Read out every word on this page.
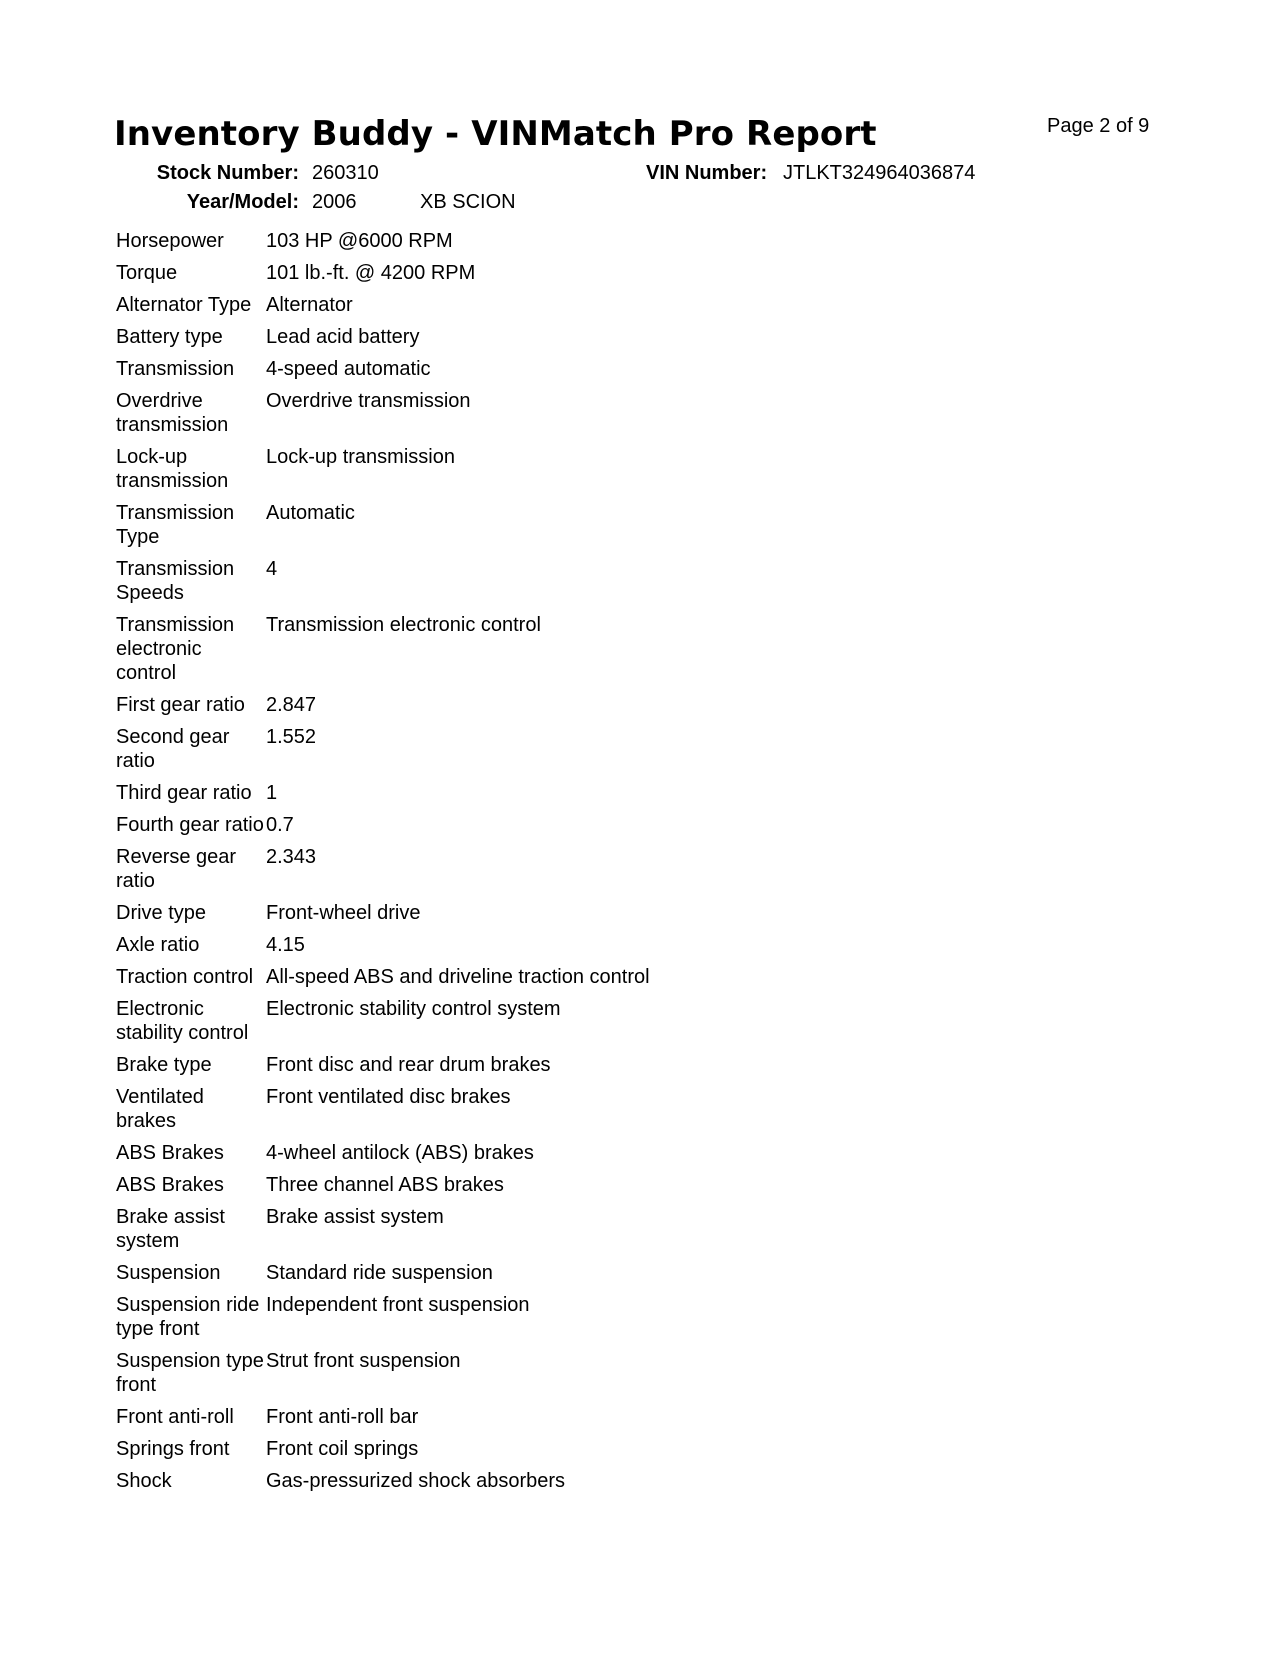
Page 2 of 9
Inventory Buddy - VINMatch Pro Report
Stock Number: 260310
Year/Model: 2006	XB SCION
VIN Number: JTLKT324964036874
Horsepower	103 HP @6000 RPM
Torque	101 lb.-ft. @ 4200 RPM
Alternator Type	Alternator
Battery type	Lead acid battery
Transmission	4-speed automatic
Overdrive transmission	Overdrive transmission
Lock-up transmission	Lock-up transmission
Transmission Type	Automatic
Transmission Speeds	4
Transmission electronic control	Transmission electronic control
First gear ratio	2.847
Second gear ratio	1.552
Third gear ratio	1
Fourth gear ratio	0.7
Reverse gear ratio	2.343
Drive type	Front-wheel drive
Axle ratio	4.15
Traction control	All-speed ABS and driveline traction control
Electronic stability control	Electronic stability control system
Brake type	Front disc and rear drum brakes
Ventilated brakes	Front ventilated disc brakes
ABS Brakes	4-wheel antilock (ABS) brakes
ABS Brakes	Three channel ABS brakes
Brake assist system	Brake assist system
Suspension	Standard ride suspension
Suspension ride type front	Independent front suspension
Suspension type front	Strut front suspension
Front anti-roll	Front anti-roll bar
Springs front	Front coil springs
Shock	Gas-pressurized shock absorbers
